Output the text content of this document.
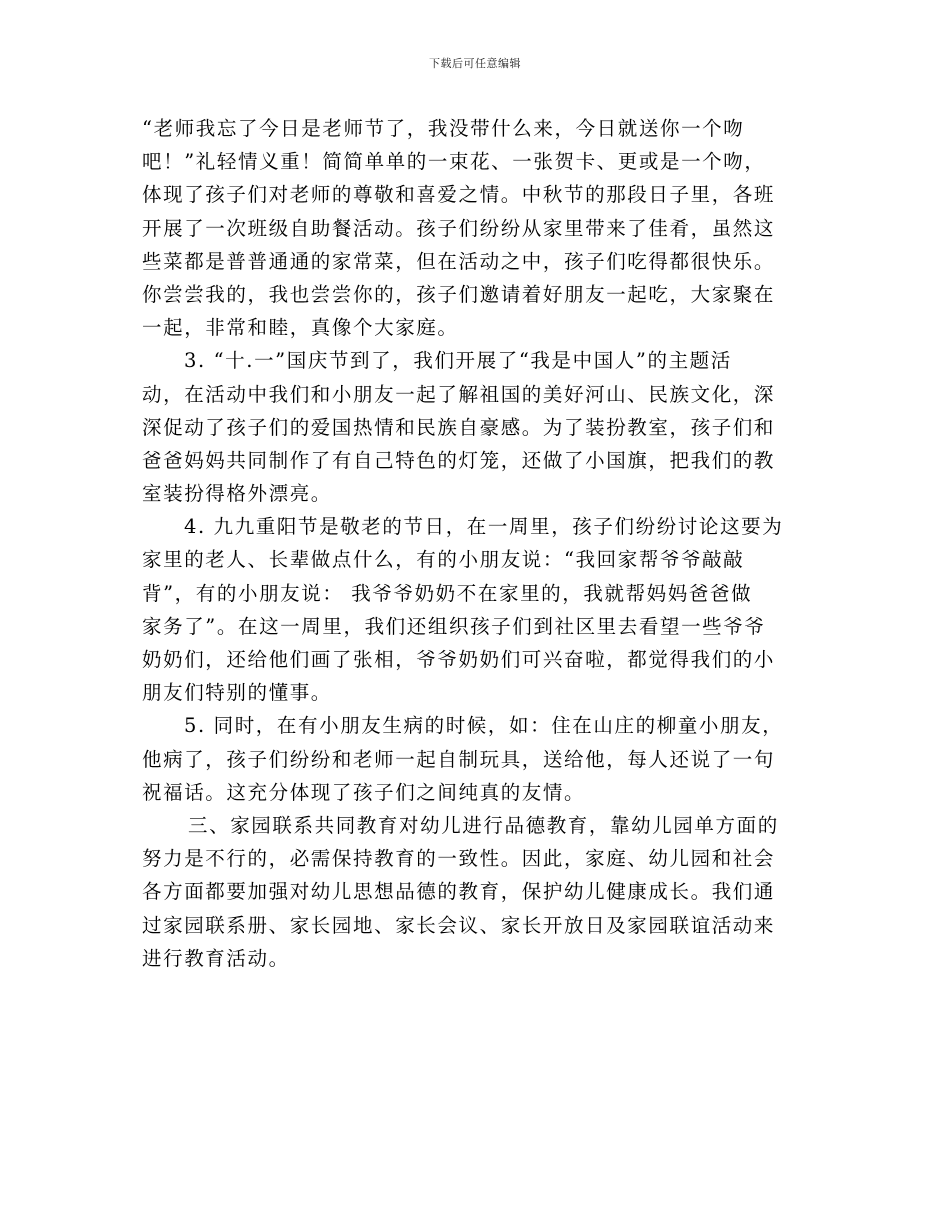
下载后可任意编辑
“老师我忘了今日是老师节了，我没带什么来，今日就送你一个吻
吧！”礼轻情义重！简简单单的一束花、一张贺卡、更或是一个吻，
体现了孩子们对老师的尊敬和喜爱之情。中秋节的那段日子里，各班
开展了一次班级自助餐活动。孩子们纷纷从家里带来了佳肴，虽然这
些菜都是普普通通的家常菜，但在活动之中，孩子们吃得都很快乐。
你尝尝我的，我也尝尝你的，孩子们邀请着好朋友一起吃，大家聚在
一起，非常和睦，真像个大家庭。
3. “十.一”国庆节到了，我们开展了“我是中国人”的主题活
动，在活动中我们和小朋友一起了解祖国的美好河山、民族文化，深
深促动了孩子们的爱国热情和民族自豪感。为了装扮教室，孩子们和
爸爸妈妈共同制作了有自己特色的灯笼，还做了小国旗，把我们的教
室装扮得格外漂亮。
4. 九九重阳节是敬老的节日，在一周里，孩子们纷纷讨论这要为
家里的老人、长辈做点什么，有的小朋友说：“我回家帮爷爷敲敲
背”，有的小朋友说： 我爷爷奶奶不在家里的，我就帮妈妈爸爸做
家务了”。在这一周里，我们还组织孩子们到社区里去看望一些爷爷
奶奶们，还给他们画了张相，爷爷奶奶们可兴奋啦，都觉得我们的小
朋友们特别的懂事。
5. 同时，在有小朋友生病的时候，如：住在山庄的柳童小朋友，
他病了，孩子们纷纷和老师一起自制玩具，送给他，每人还说了一句
祝福话。这充分体现了孩子们之间纯真的友情。
三、家园联系共同教育对幼儿进行品德教育，靠幼儿园单方面的
努力是不行的，必需保持教育的一致性。因此，家庭、幼儿园和社会
各方面都要加强对幼儿思想品德的教育，保护幼儿健康成长。我们通
过家园联系册、家长园地、家长会议、家长开放日及家园联谊活动来
进行教育活动。
